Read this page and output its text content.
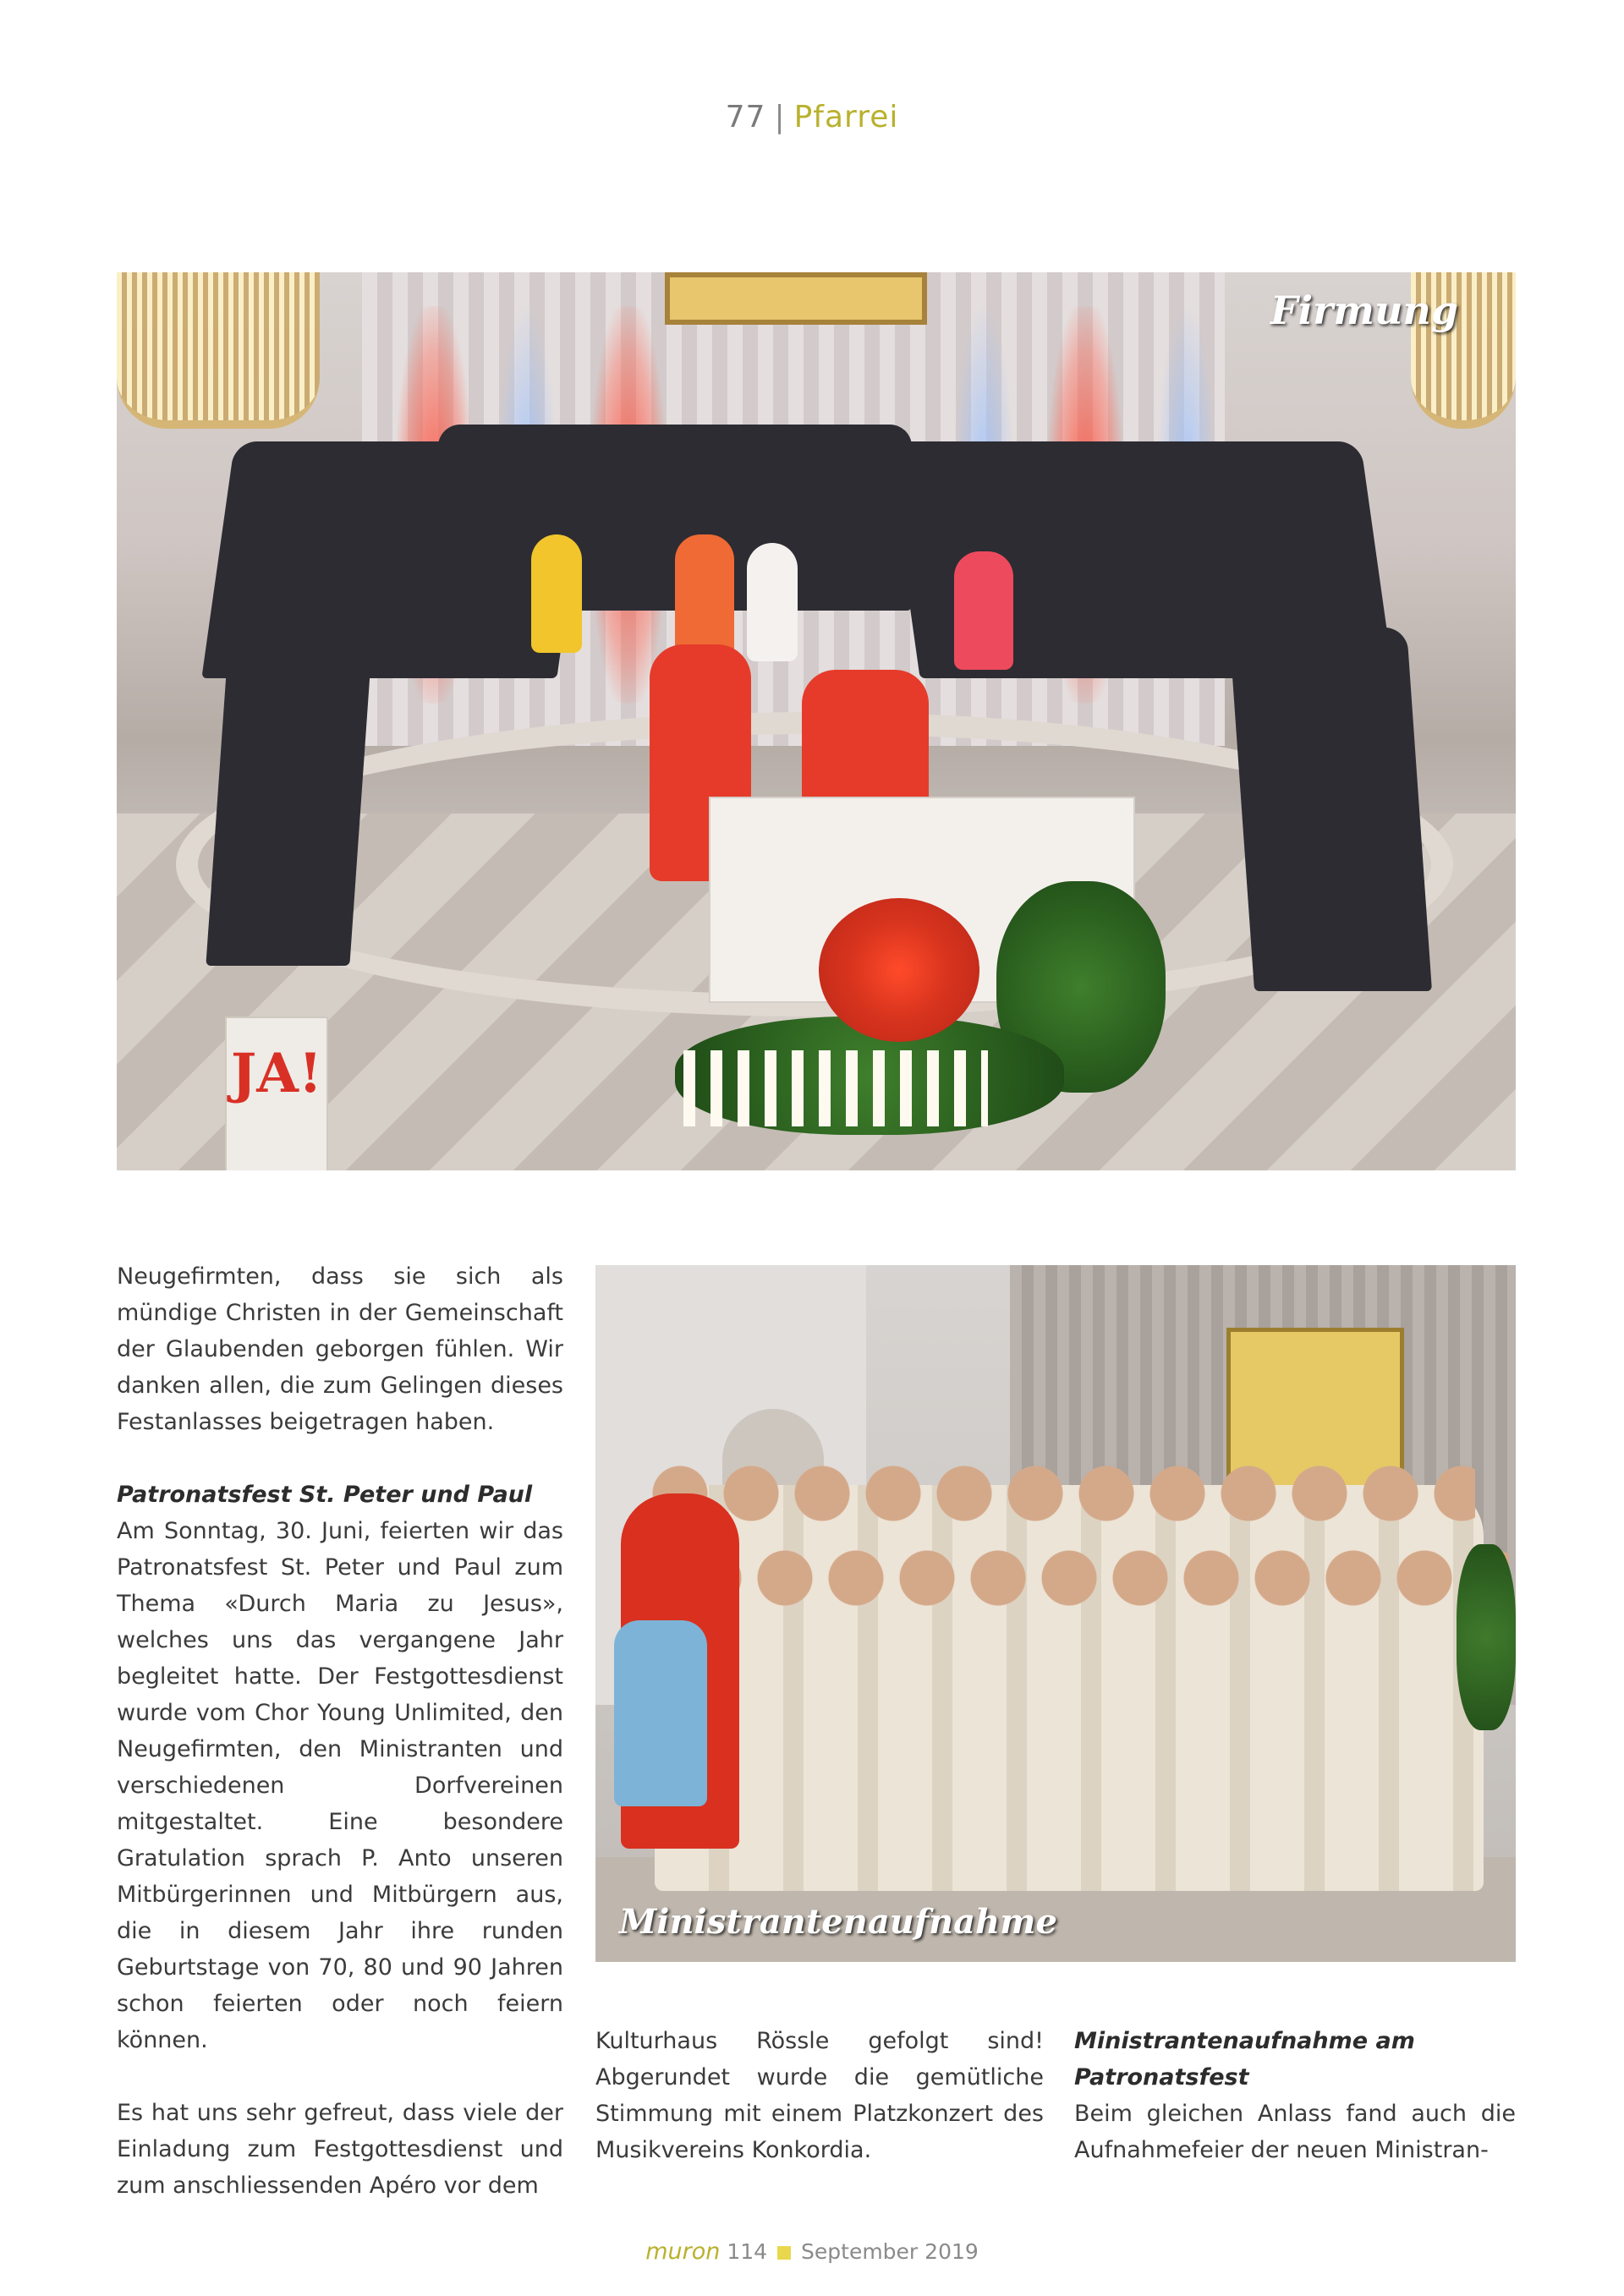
77 | Pfarrei
JA!
Firmung

Neugefirmten, dass sie sich als mündige Christen in der Gemeinschaft der Glaubenden geborgen fühlen. Wir danken allen, die zum Gelingen dieses Festanlasses beigetragen haben.

Patronatsfest St. Peter und Paul

Am Sonntag, 30. Juni, feierten wir das Patronatsfest St. Peter und Paul zum Thema «Durch Maria zu Jesus», welches uns das vergangene Jahr begleitet hatte. Der Festgottesdienst wurde vom Chor Young Unlimited, den Neugefirmten, den Ministranten und verschiedenen Dorfvereinen mitgestaltet. Eine besondere Gratulation sprach P. Anto unseren Mitbürgerinnen und Mitbürgern aus, die in diesem Jahr ihre runden Geburtstage von 70, 80 und 90 Jahren schon feierten oder noch feiern können.

Es hat uns sehr gefreut, dass viele der Einladung zum Festgottesdienst und zum anschliessenden Apéro vor dem

Ministrantenaufnahme

Kulturhaus Rössle gefolgt sind! Abgerundet wurde die gemütliche Stimmung mit einem Platzkonzert des Musikvereins Konkordia.

Ministrantenaufnahme am Patronatsfest

Beim gleichen Anlass fand auch die Aufnahmefeier der neuen Ministran-

muron 114 September 2019
